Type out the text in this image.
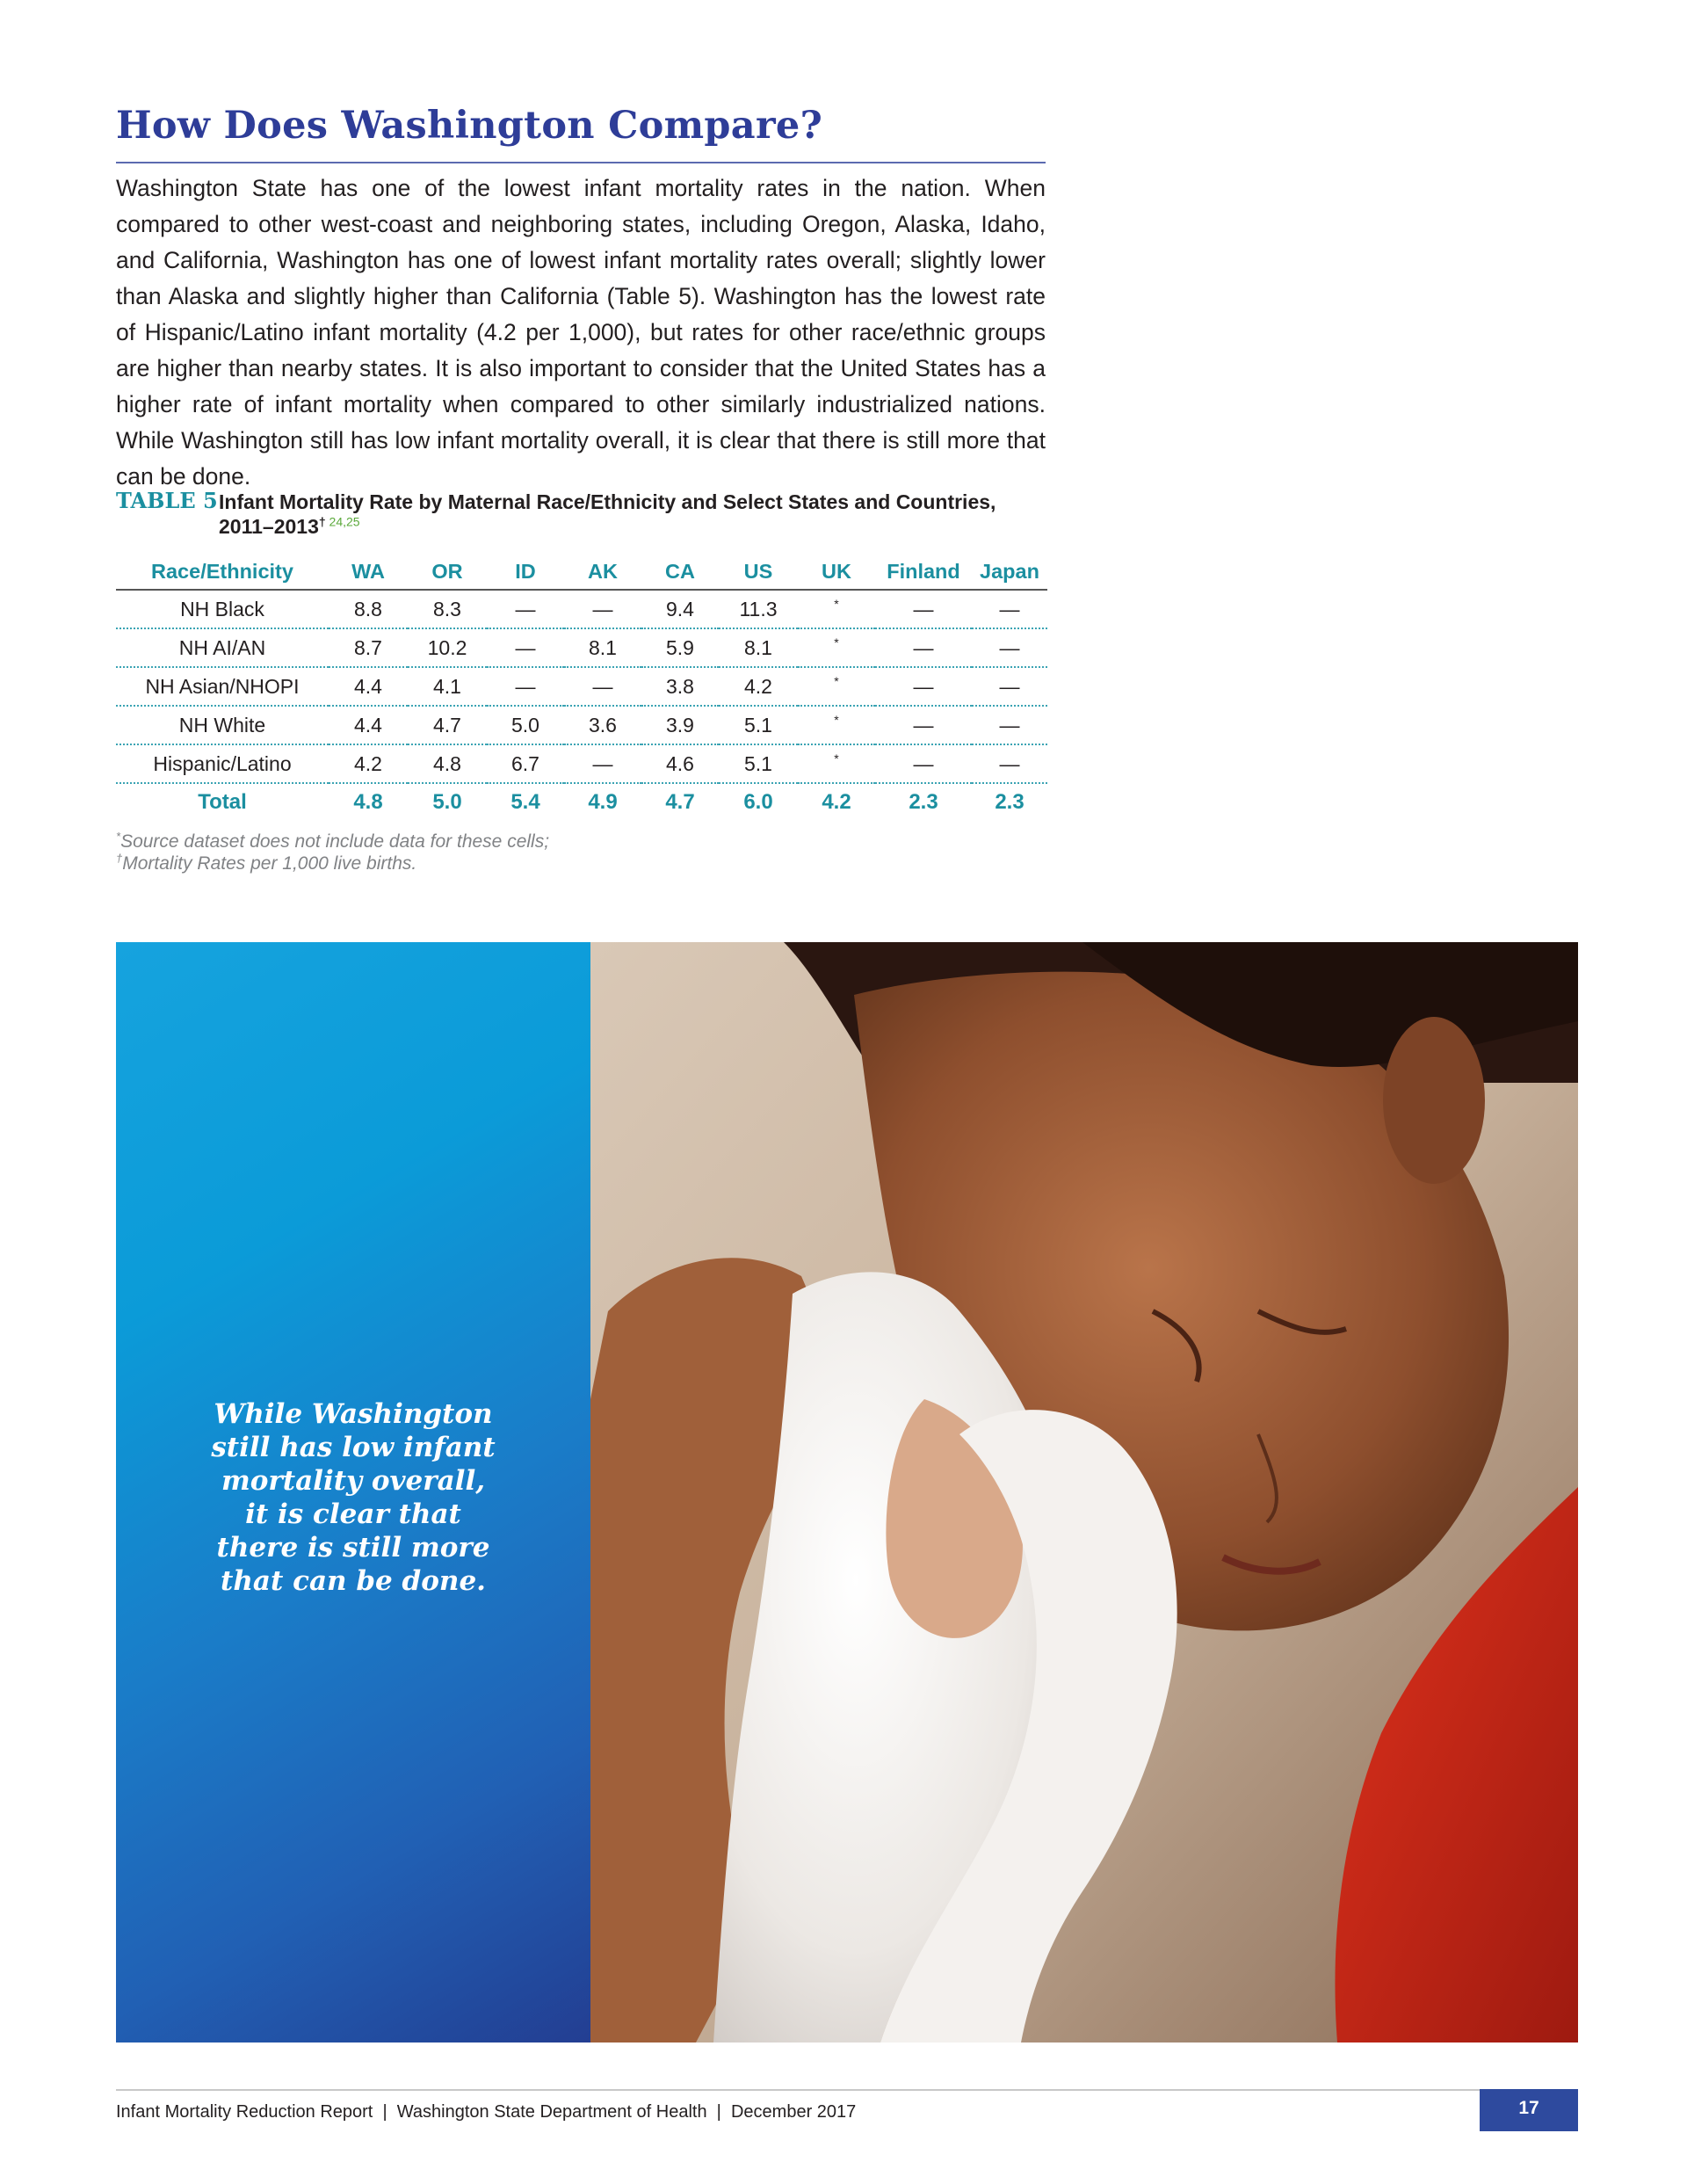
How Does Washington Compare?

Washington State has one of the lowest infant mortality rates in the nation. When compared to other west-coast and neighboring states, including Oregon, Alaska, Idaho, and California, Washington has one of lowest infant mortality rates overall; slightly lower than Alaska and slightly higher than California (Table 5). Washington has the lowest rate of Hispanic/Latino infant mortality (4.2 per 1,000), but rates for other race/ethnic groups are higher than nearby states. It is also important to consider that the United States has a higher rate of infant mortality when compared to other similarly industrialized nations. While Washington still has low infant mortality overall, it is clear that there is still more that can be done.

TABLE 5 Infant Mortality Rate by Maternal Race/Ethnicity and Select States and Countries,
2011–2013$^{\dagger 24,25}$
Race/Ethnicity	WA	OR	ID	AK	CA	US	UK	Finland	Japan
NH Black	8.8	8.3	—	—	9.4	11.3	*	—	—
NH AI/AN	8.7	10.2	—	8.1	5.9	8.1	*	—	—
NH Asian/NHOPI	4.4	4.1	—	—	3.8	4.2	*	—	—
NH White	4.4	4.7	5.0	3.6	3.9	5.1	*	—	—
Hispanic/Latino	4.2	4.8	6.7	—	4.6	5.1	*	—	—
Total	4.8	5.0	5.4	4.9	4.7	6.0	4.2	2.3	2.3
*Source dataset does not include data for these cells;
†Mortality Rates per 1,000 live births.

While Washington
still has low infant
mortality overall,
it is clear that
there is still more
that can be done.

Infant Mortality Reduction Report  |  Washington State Department of Health  |  December 2017	17
